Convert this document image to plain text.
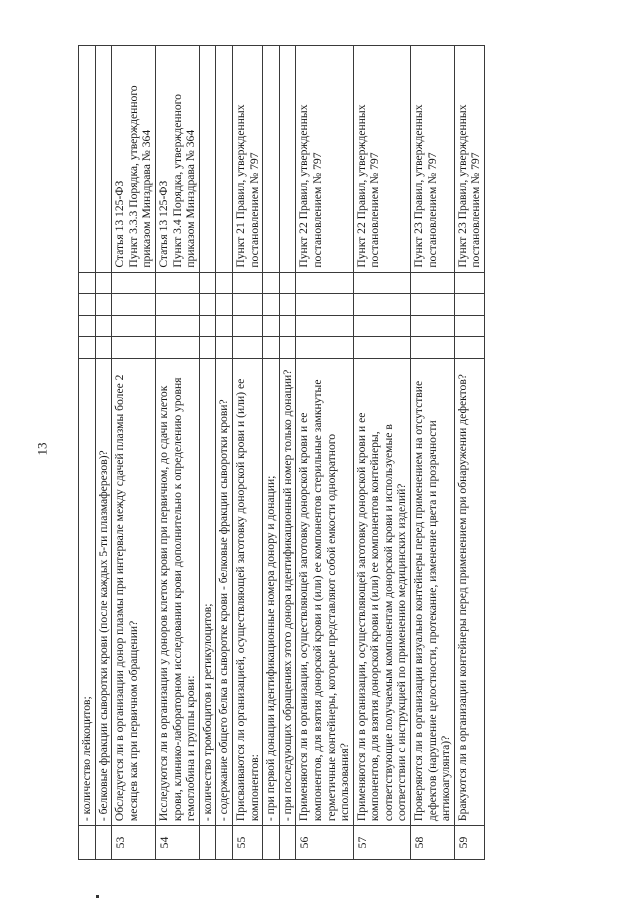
13
	- количество лейкоцитов;					
	- белковые фракции сыворотки крови (после каждых 5-ти плазмаферезов)?					
53	Обследуется ли в организации донор плазмы при интервале между сдачей плазмы более 2 месяцев как при первичном обращении?					Статья 13 125-ФЗ
Пункт 3.3.3 Порядка, утвержденного приказом Минздрава № 364
54	Исследуются ли в организации у доноров клеток крови при первичном, до сдачи клеток крови, клинико-лабораторном исследовании крови дополнительно к определению уровня гемоглобина и группы крови:					Статья 13 125-ФЗ
Пункт 3.4 Порядка, утвержденного приказом Минздрава № 364
	- количество тромбоцитов и ретикулоцитов;					
	- содержание общего белка в сыворотке крови - белковые фракции сыворотки крови?					
55	Присваиваются ли организацией, осуществляющей заготовку донорской крови и (или) ее компонентов:					Пункт 21 Правил, утвержденных постановлением № 797
	- при первой донации идентификационные номера донору и донации;					
	- при последующих обращениях этого донора идентификационный номер только донации?					
56	Применяются ли в организации, осуществляющей заготовку донорской крови и ее компонентов, для взятия донорской крови и (или) ее компонентов стерильные замкнутые герметичные контейнеры, которые представляют собой емкости однократного использования?					Пункт 22 Правил, утвержденных постановлением № 797
57	Применяются ли в организации, осуществляющей заготовку донорской крови и ее компонентов, для взятия донорской крови и (или) ее компонентов контейнеры, соответствующие получаемым компонентам донорской крови и используемые в соответствии с инструкцией по применению медицинских изделий?					Пункт 22 Правил, утвержденных постановлением № 797
58	Проверяются ли в организации визуально контейнеры перед применением на отсутствие дефектов (нарушение целостности, протекание, изменение цвета и прозрачности антикоагулянта)?					Пункт 23 Правил, утвержденных постановлением № 797
59	Бракуются ли в организации контейнеры перед применением при обнаружении дефектов?					Пункт 23 Правил, утвержденных постановлением № 797
